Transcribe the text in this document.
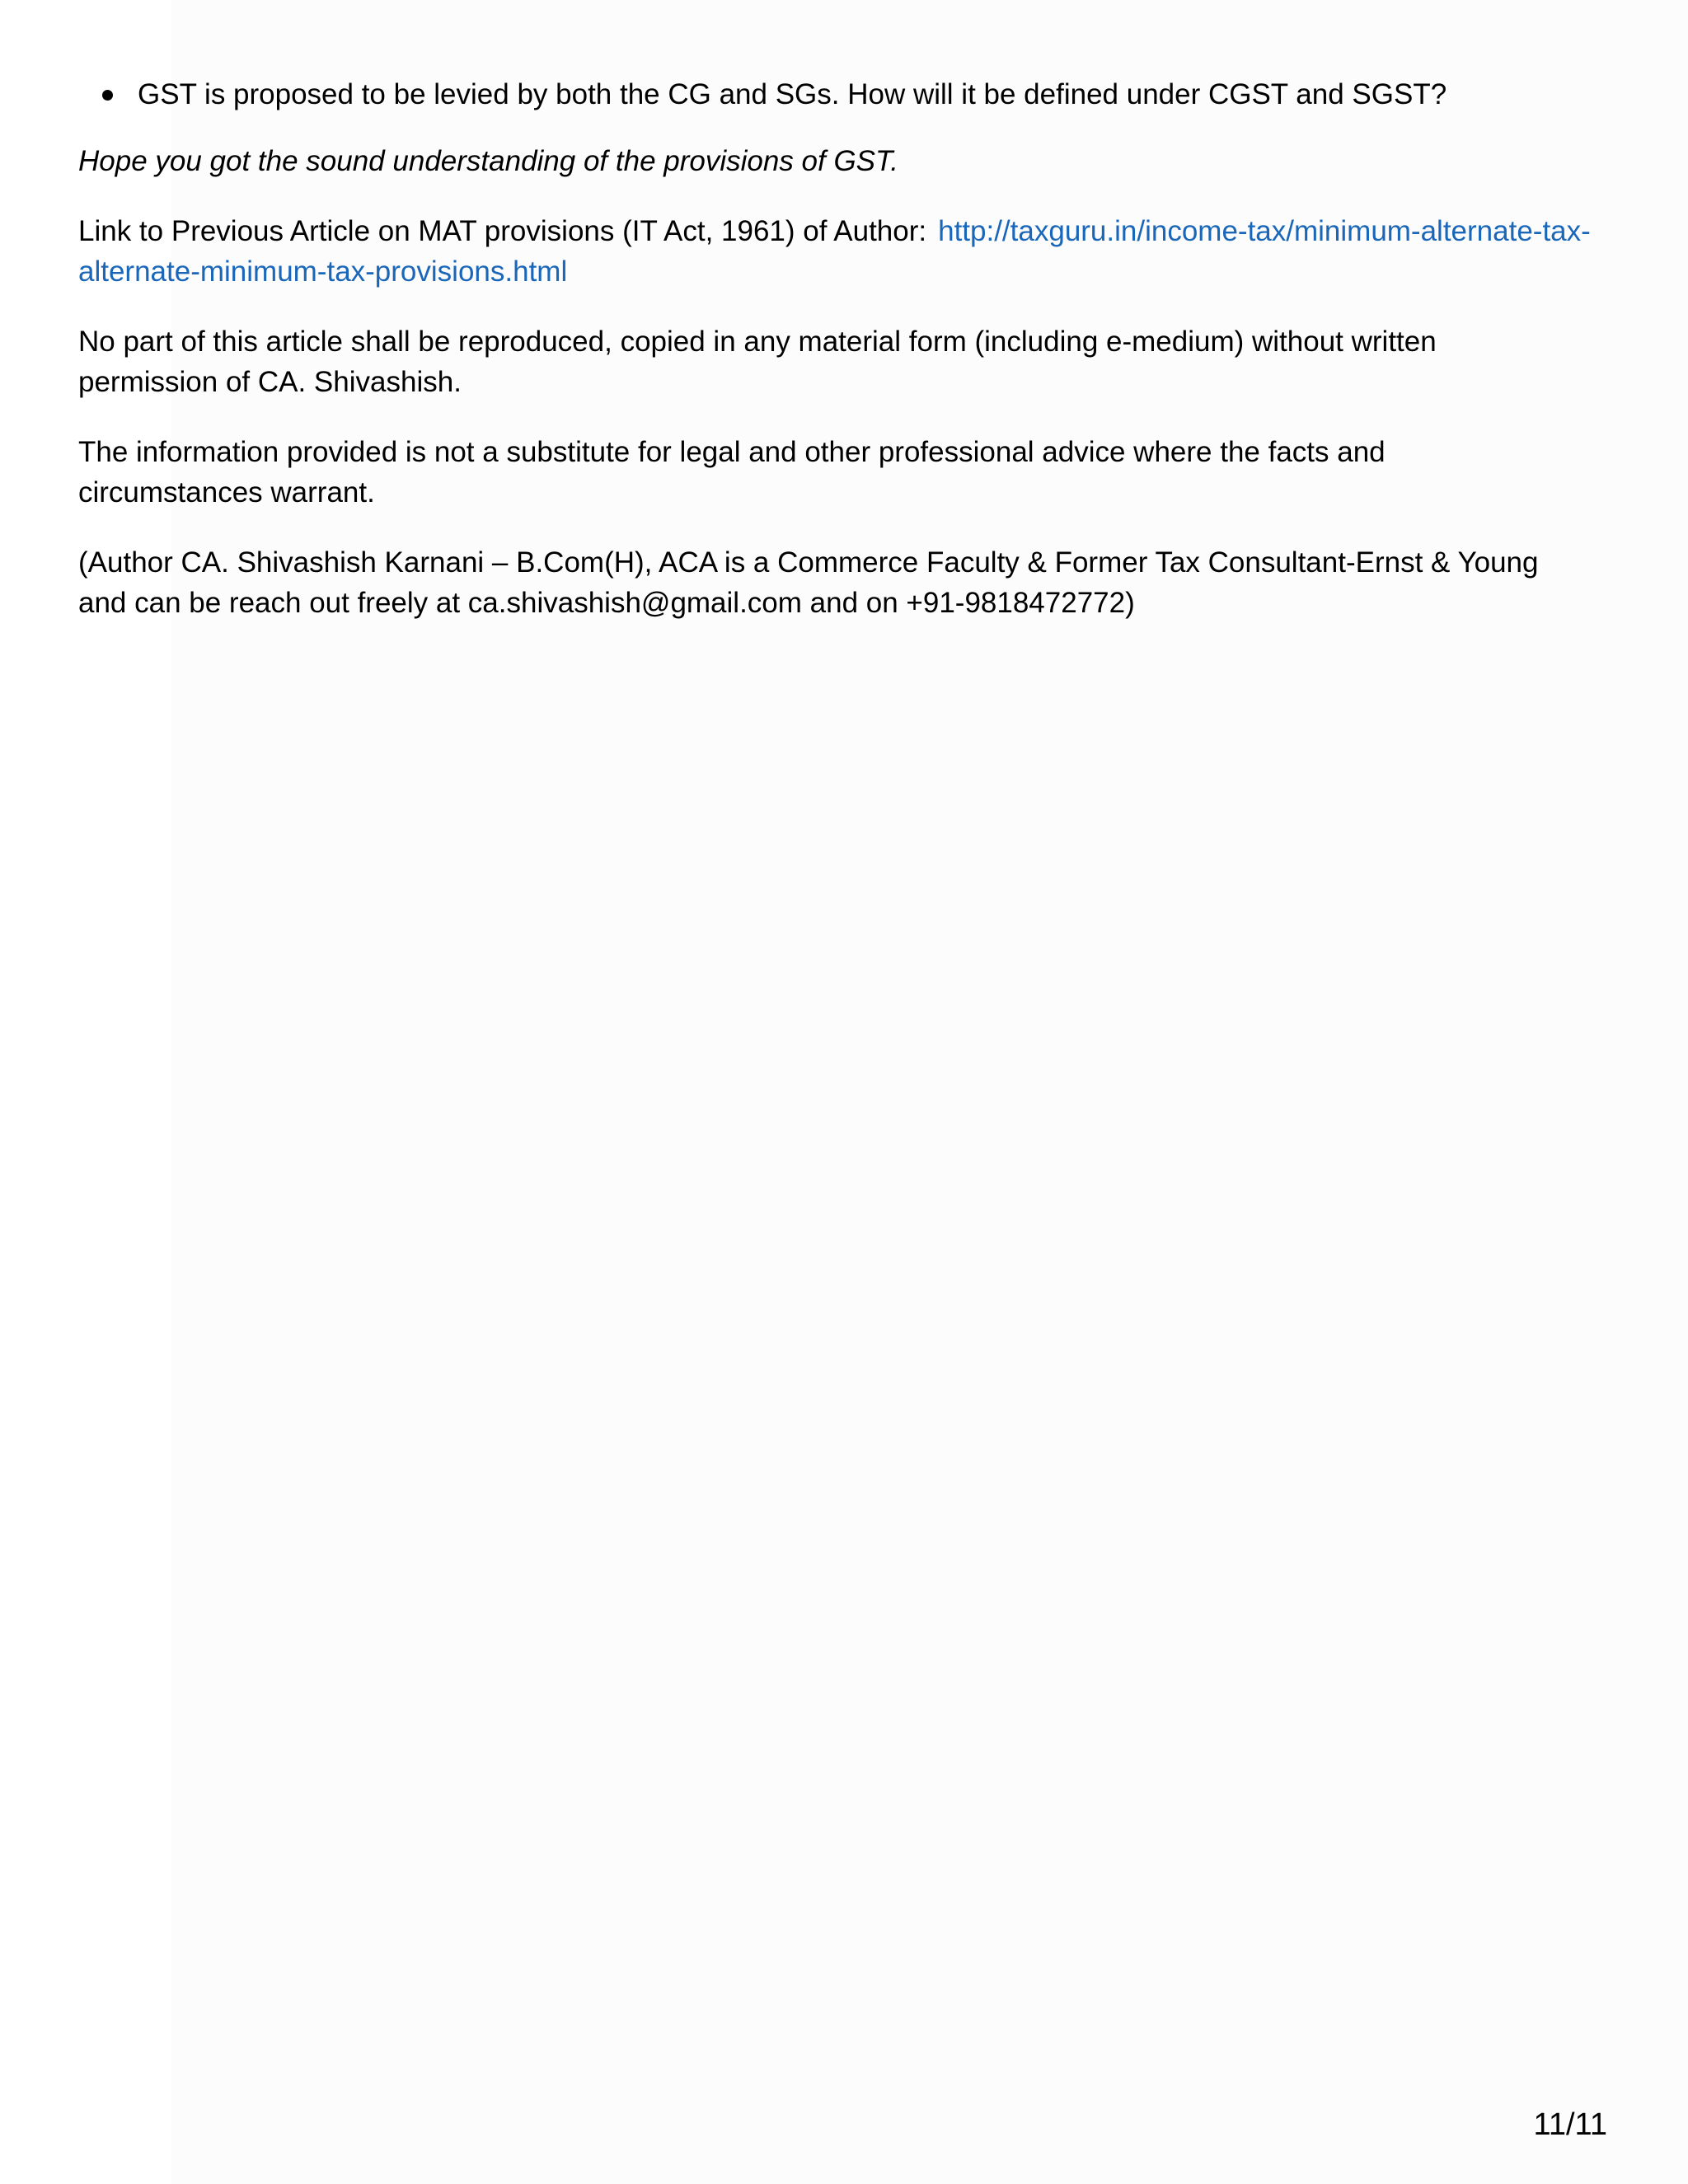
GST is proposed to be levied by both the CG and SGs. How will it be defined under CGST and SGST?

Hope you got the sound understanding of the provisions of GST.

Link to Previous Article on MAT provisions (IT Act, 1961) of Author: http://taxguru.in/income-tax/minimum-alternate-tax-alternate-minimum-tax-provisions.html

No part of this article shall be reproduced, copied in any material form (including e-medium) without written permission of CA. Shivashish.

The information provided is not a substitute for legal and other professional advice where the facts and circumstances warrant.

(Author CA. Shivashish Karnani – B.Com(H), ACA is a Commerce Faculty & Former Tax Consultant-Ernst & Young and can be reach out freely at ca.shivashish@gmail.com and on +91-9818472772)

11/11
